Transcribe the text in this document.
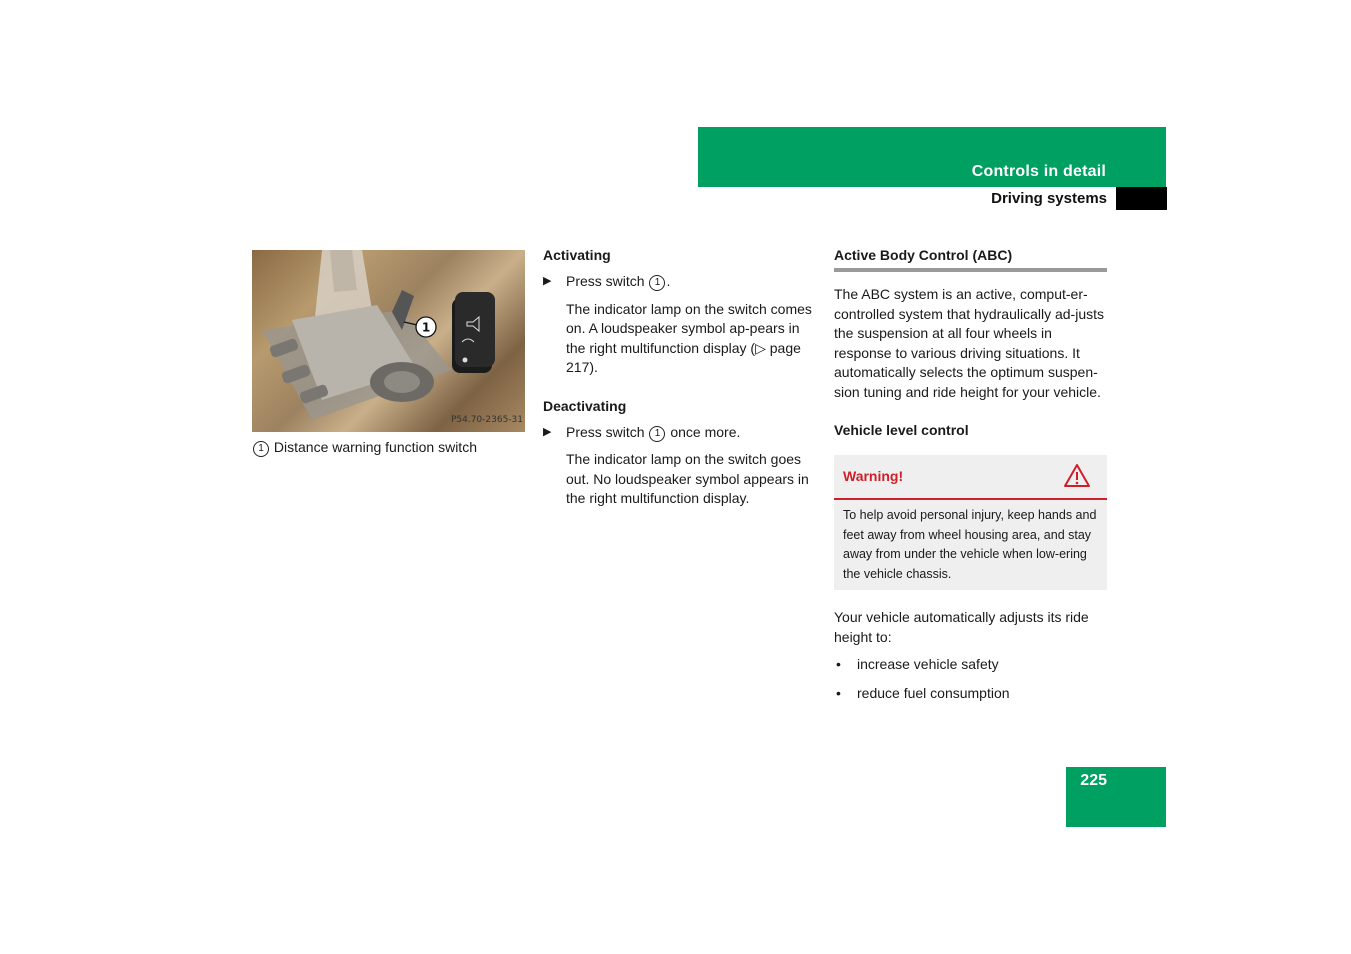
Controls in detail
Driving systems
1
P54.70-2365-31
1 Distance warning function switch
Activating
▶ Press switch 1 .

The indicator lamp on the switch comes on. A loudspeaker symbol ap-pears in the right multifunction display (▷ page 217).

Deactivating
▶ Press switch 1 once more.

The indicator lamp on the switch goes out. No loudspeaker symbol appears in the right multifunction display.

Active Body Control (ABC)

The ABC system is an active, comput-er-controlled system that hydraulically ad-justs the suspension at all four wheels in response to various driving situations. It automatically selects the optimum suspen-sion tuning and ride height for your vehicle.

Vehicle level control
Warning!

To help avoid personal injury, keep hands and feet away from wheel housing area, and stay away from under the vehicle when low-ering the vehicle chassis.

Your vehicle automatically adjusts its ride height to:

• increase vehicle safety
• reduce fuel consumption
225
